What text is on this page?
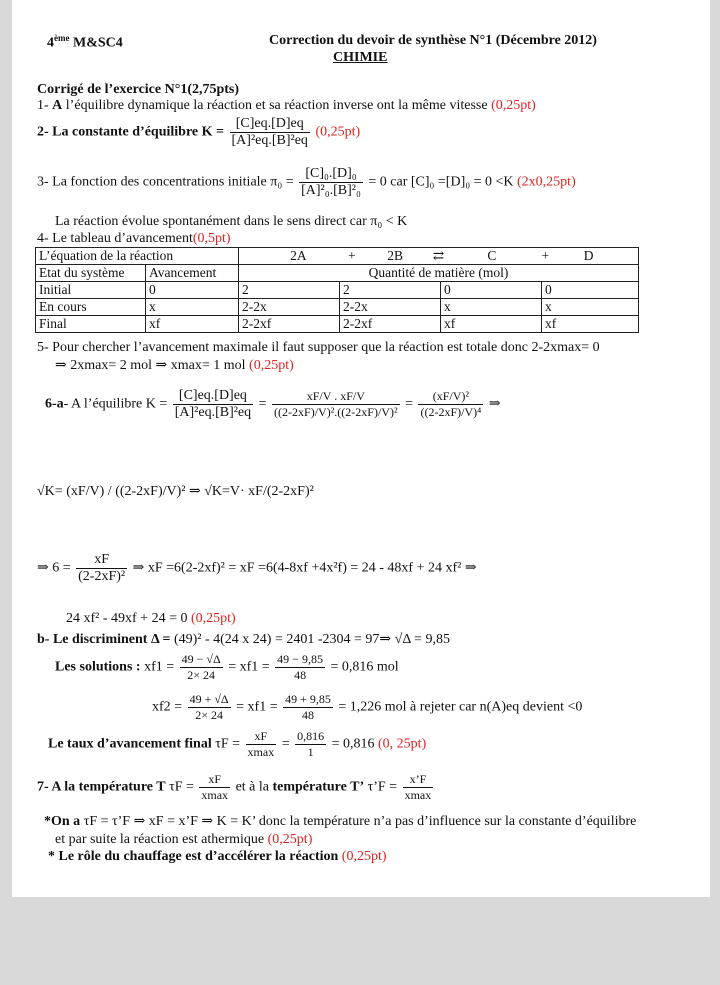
4ème M&SC4	Correction du devoir de synthèse N°1 (Décembre 2012)
CHIMIE
Corrigé de l’exercice N°1(2,75pts)
1- A l’équilibre dynamique la réaction et sa réaction inverse ont la même vitesse (0,25pt)
2- La constante d’équilibre $K = \frac{[C]eq.[D]eq}{\text{[A]²eq.[B]²eq}} (0,25pt)$
3- La fonction des concentrations initiale $\pi_0 = \frac{\text{[C]₀.[D]₀}}{\text{[A]²₀.[B]²₀}} = 0$ car [C]₀ =[D]₀ = 0 <K (2x0,25pt)
La réaction évolue spontanément dans le sens direct car π₀ < K
4- Le tableau d’avancement(0,5pt)
L’équation de la réaction		2A + 2B ⇄ C + D			
Etat du système	Avancement	Quantité de matière (mol)			
Initial	0	2	2	0	0
En cours	x	2-2x	2-2x	x	x
Final	xf	2-2xf	2-2xf	xf	xf
5- Pour chercher l’avancement maximale il faut supposer que la réaction est totale donc 2-2xmax= 0
⇒ 2xmax= 2 mol ⇒ xmax= 1 mol (0,25pt)
6-a- A l’équilibre $K = \frac{[C]eq.[D]eq}{\text{[A]²eq.[B]²eq}} = \frac{xF/V . xF/V}{\text{((2-2xF)/V)².((2-2xF)/V)²}} = \frac{\text{(xF/V)²}}{\text{((2-2xF)/V)⁴}}$ ⇒
√K= (xF/V) / ((2-2xF)/V)² ⇒ √K=V· xF/(2-2xF)²
⇒ $6 = \frac{xF}{\text{(2-2xF)²}}$ ⇒ xF =6(2-2xf)² = xF =6(4-8xf +4x²f) = 24 - 48xf + 24 xf² ⇒
24 xf² - 49xf + 24 = 0 (0,25pt)
b- Le discriminent Δ = (49)² - 4(24 x 24) = 2401 -2304 = 97⇒ √Δ = 9,85
Les solutions : $xf1 = \frac{49 - √\Delta}{2\times 24} = xf1 = \frac{49 - 9,85}{48} = 0,816$ mol
$xf2 = \frac{49 + √\Delta}{2\times 24} = xf1 = \frac{49 + 9,85}{48} = 1,226$ mol à rejeter car n(A)eq devient <0
Le taux d’avancement final $\tau F = \frac{xF}{xmax} = \frac{0,816}{1} = 0,816$ (0, 25pt)
7- A la température T $\tau F = \frac{xF}{xmax}$ et à la température T’ τ’F = $\frac{x’F}{xmax}$
*On a τF = τ’F ⇒ xF = x’F ⇒ K = K’ donc la température n’a pas d’influence sur la constante d’équilibre
et par suite la réaction est athermique (0,25pt)
* Le rôle du chauffage est d’accélérer la réaction (0,25pt)
